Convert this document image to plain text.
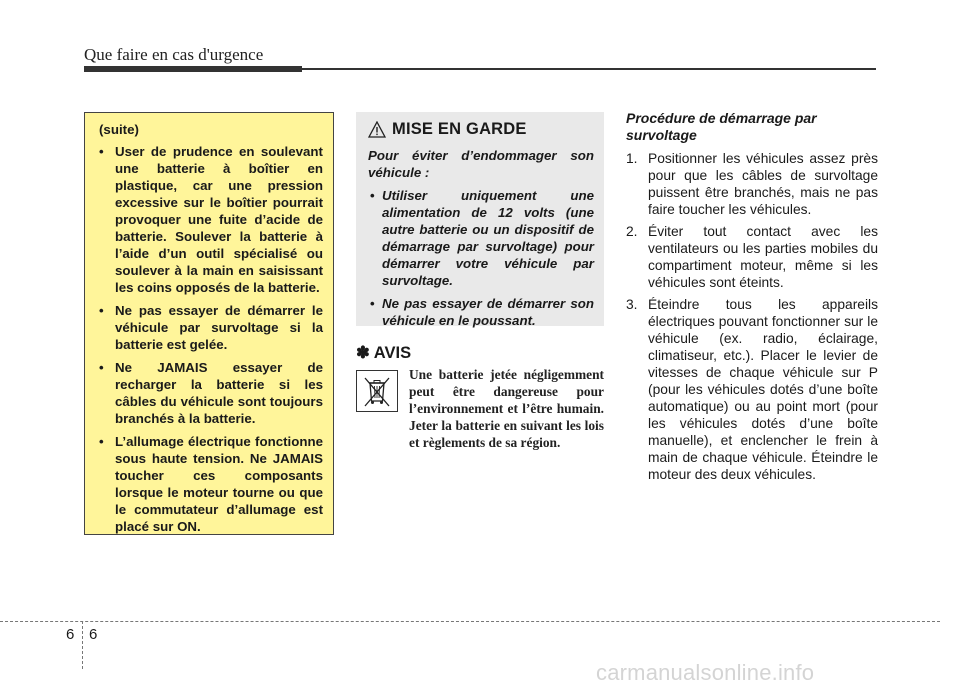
Que faire en cas d'urgence
(suite)
• User de prudence en soulevant une batterie à boîtier en plastique, car une pression excessive sur le boîtier pourrait provoquer une fuite d’acide de batterie. Soulever la batterie à l’aide d’un outil spécialisé ou soulever à la main en saisissant les coins opposés de la batterie.
• Ne pas essayer de démarrer le véhicule par survoltage si la batterie est gelée.
• Ne JAMAIS essayer de recharger la batterie si les câbles du véhicule sont toujours branchés à la batterie.
• L’allumage électrique fonctionne sous haute tension. Ne JAMAIS toucher ces composants lorsque le moteur tourne ou que le commutateur d’allumage est placé sur ON.
MISE EN GARDE

Pour éviter d’endommager son véhicule :

• Utiliser uniquement une alimentation de 12 volts (une autre batterie ou un dispositif de démarrage par survoltage) pour démarrer votre véhicule par survoltage.
• Ne pas essayer de démarrer son véhicule en le poussant.
✽ AVIS
Une batterie jetée négligemment peut être dangereuse pour l’environnement et l’être humain. Jeter la batterie en suivant les lois et règlements de sa région.

Procédure de démarrage par survoltage

1. Positionner les véhicules assez près pour que les câbles de survoltage puissent être branchés, mais ne pas faire toucher les véhicules.
2. Éviter tout contact avec les ventilateurs ou les parties mobiles du compartiment moteur, même si les véhicules sont éteints.
3. Éteindre tous les appareils électriques pouvant fonctionner sur le véhicule (ex. radio, éclairage, climatiseur, etc.). Placer le levier de vitesses de chaque véhicule sur P (pour les véhicules dotés d’une boîte automatique) ou au point mort (pour les véhicules dotés d’une boîte manuelle), et enclencher le frein à main de chaque véhicule. Éteindre le moteur des deux véhicules.
6 6
carmanualsonline.info
